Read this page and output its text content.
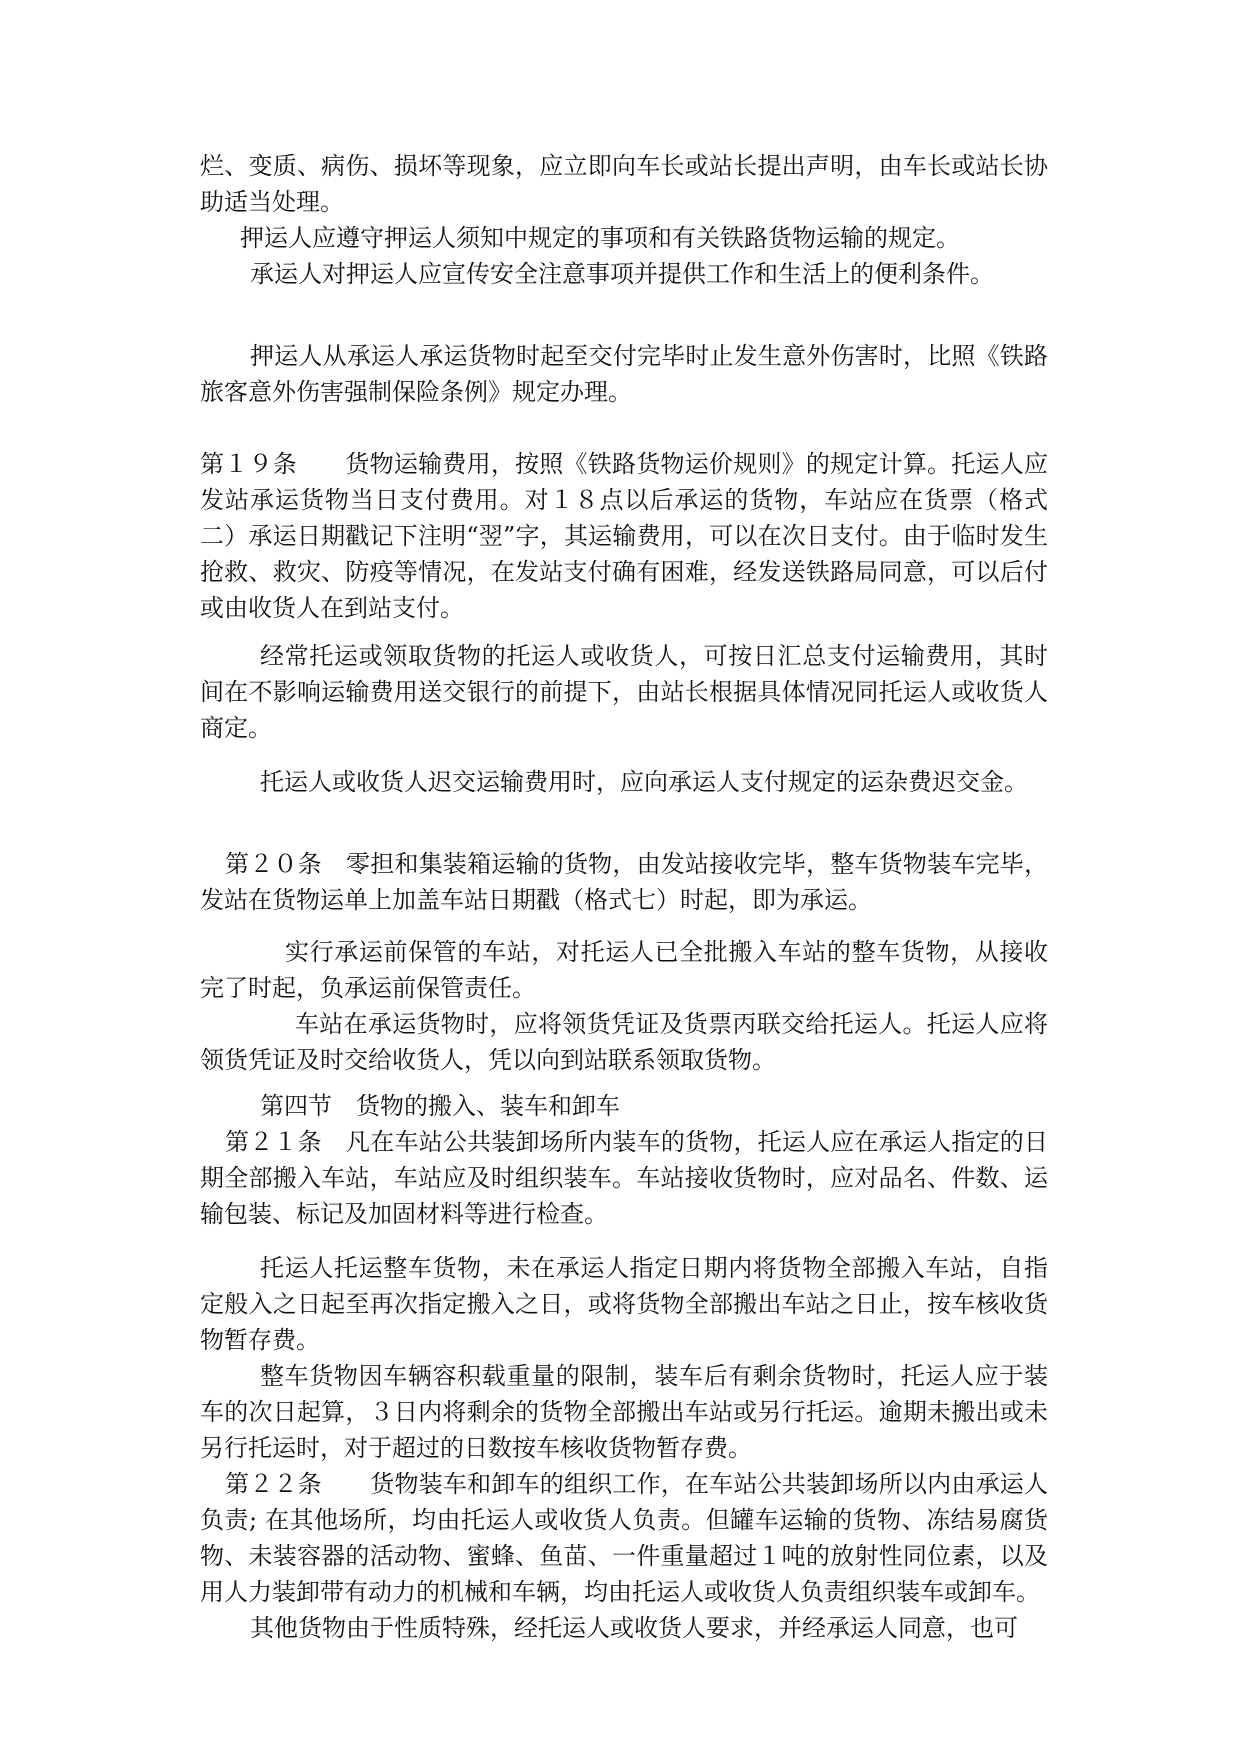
烂、变质、病伤、损坏等现象，应立即向车长或站长提出声明，由车长或站长协助适当处理。

押运人应遵守押运人须知中规定的事项和有关铁路货物运输的规定。

承运人对押运人应宣传安全注意事项并提供工作和生活上的便利条件。

押运人从承运人承运货物时起至交付完毕时止发生意外伤害时，比照《铁路旅客意外伤害强制保险条例》规定办理。

第１９条　　货物运输费用，按照《铁路货物运价规则》的规定计算。托运人应发站承运货物当日支付费用。对１８点以后承运的货物，车站应在货票（格式二）承运日期戳记下注明“翌”字，其运输费用，可以在次日支付。由于临时发生抢救、救灾、防疫等情况，在发站支付确有困难，经发送铁路局同意，可以后付或由收货人在到站支付。

经常托运或领取货物的托运人或收货人，可按日汇总支付运输费用，其时间在不影响运输费用送交银行的前提下，由站长根据具体情况同托运人或收货人商定。

托运人或收货人迟交运输费用时，应向承运人支付规定的运杂费迟交金。

第２０条　零担和集装箱运输的货物，由发站接收完毕，整车货物装车完毕，发站在货物运单上加盖车站日期戳（格式七）时起，即为承运。

实行承运前保管的车站，对托运人已全批搬入车站的整车货物，从接收完了时起，负承运前保管责任。

车站在承运货物时，应将领货凭证及货票丙联交给托运人。托运人应将领货凭证及时交给收货人，凭以向到站联系领取货物。

第四节　货物的搬入、装车和卸车

第２１条　凡在车站公共装卸场所内装车的货物，托运人应在承运人指定的日期全部搬入车站，车站应及时组织装车。车站接收货物时，应对品名、件数、运输包装、标记及加固材料等进行检查。

托运人托运整车货物，未在承运人指定日期内将货物全部搬入车站，自指定般入之日起至再次指定搬入之日，或将货物全部搬出车站之日止，按车核收货物暂存费。

整车货物因车辆容积载重量的限制，装车后有剩余货物时，托运人应于装车的次日起算，３日内将剩余的货物全部搬出车站或另行托运。逾期未搬出或未另行托运时，对于超过的日数按车核收货物暂存费。

第２２条　　货物装车和卸车的组织工作，在车站公共装卸场所以内由承运人负责; 在其他场所，均由托运人或收货人负责。但罐车运输的货物、冻结易腐货物、未装容器的活动物、蜜蜂、鱼苗、一件重量超过１吨的放射性同位素，以及用人力装卸带有动力的机械和车辆，均由托运人或收货人负责组织装车或卸车。

其他货物由于性质特殊，经托运人或收货人要求，并经承运人同意，也可
